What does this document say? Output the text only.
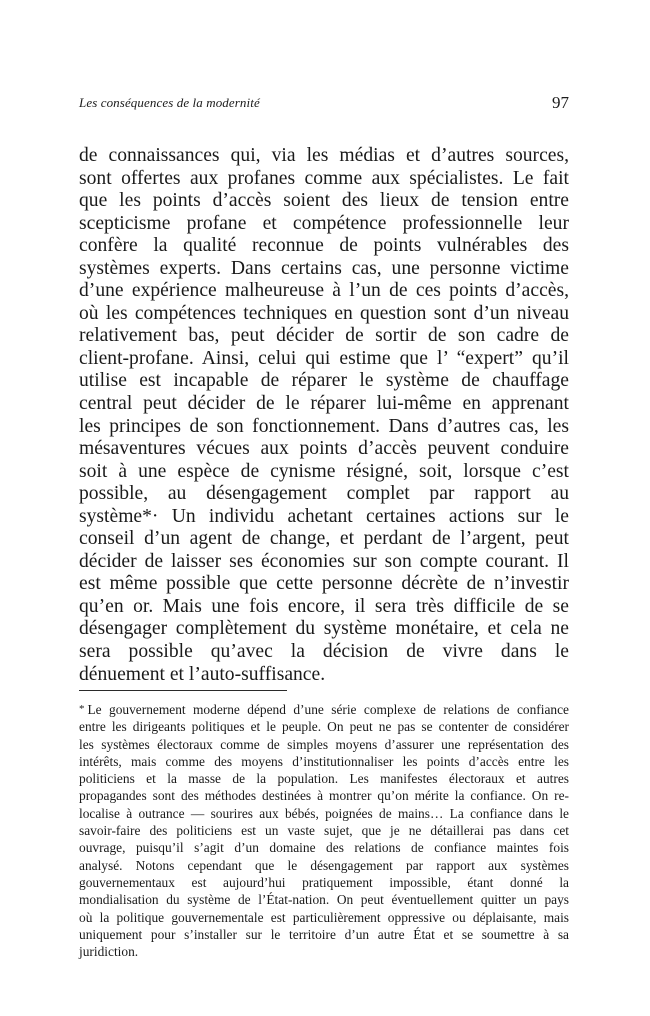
Les conséquences de la modernité	97
de connaissances qui, via les médias et d’autres sources,
sont offertes aux profanes comme aux spécialistes. Le fait
que les points d’accès soient des lieux de tension entre
scepticisme profane et compétence professionnelle leur
confère la qualité reconnue de points vulnérables des
systèmes experts. Dans certains cas, une personne victime
d’une expérience malheureuse à l’un de ces points d’accès,
où les compétences techniques en question sont d’un niveau
relativement bas, peut décider de sortir de son cadre de
client-profane. Ainsi, celui qui estime que l’ “expert” qu’il
utilise est incapable de réparer le système de chauffage
central peut décider de le réparer lui-même en apprenant
les principes de son fonctionnement. Dans d’autres cas, les
mésaventures vécues aux points d’accès peuvent conduire
soit à une espèce de cynisme résigné, soit, lorsque c’est
possible, au désengagement complet par rapport au
système*· Un individu achetant certaines actions sur le
conseil d’un agent de change, et perdant de l’argent, peut
décider de laisser ses économies sur son compte courant. Il
est même possible que cette personne décrète de n’investir
qu’en or. Mais une fois encore, il sera très difficile de se
désengager complètement du système monétaire, et cela ne
sera possible qu’avec la décision de vivre dans le
dénuement et l’auto-suffisance.
* Le gouvernement moderne dépend d’une série complexe de relations de confiance
entre les dirigeants politiques et le peuple. On peut ne pas se contenter de considérer
les systèmes électoraux comme de simples moyens d’assurer une représentation des
intérêts, mais comme des moyens d’institutionnaliser les points d’accès entre les
politiciens et la masse de la population. Les manifestes électoraux et autres
propagandes sont des méthodes destinées à montrer qu’on mérite la confiance. On re-
localise à outrance — sourires aux bébés, poignées de mains… La confiance dans le
savoir-faire des politiciens est un vaste sujet, que je ne détaillerai pas dans cet
ouvrage, puisqu’il s’agit d’un domaine des relations de confiance maintes fois
analysé. Notons cependant que le désengagement par rapport aux systèmes
gouvernementaux est aujourd’hui pratiquement impossible, étant donné la
mondialisation du système de l’État-nation. On peut éventuellement quitter un pays
où la politique gouvernementale est particulièrement oppressive ou déplaisante, mais
uniquement pour s’installer sur le territoire d’un autre État et se soumettre à sa
juridiction.
